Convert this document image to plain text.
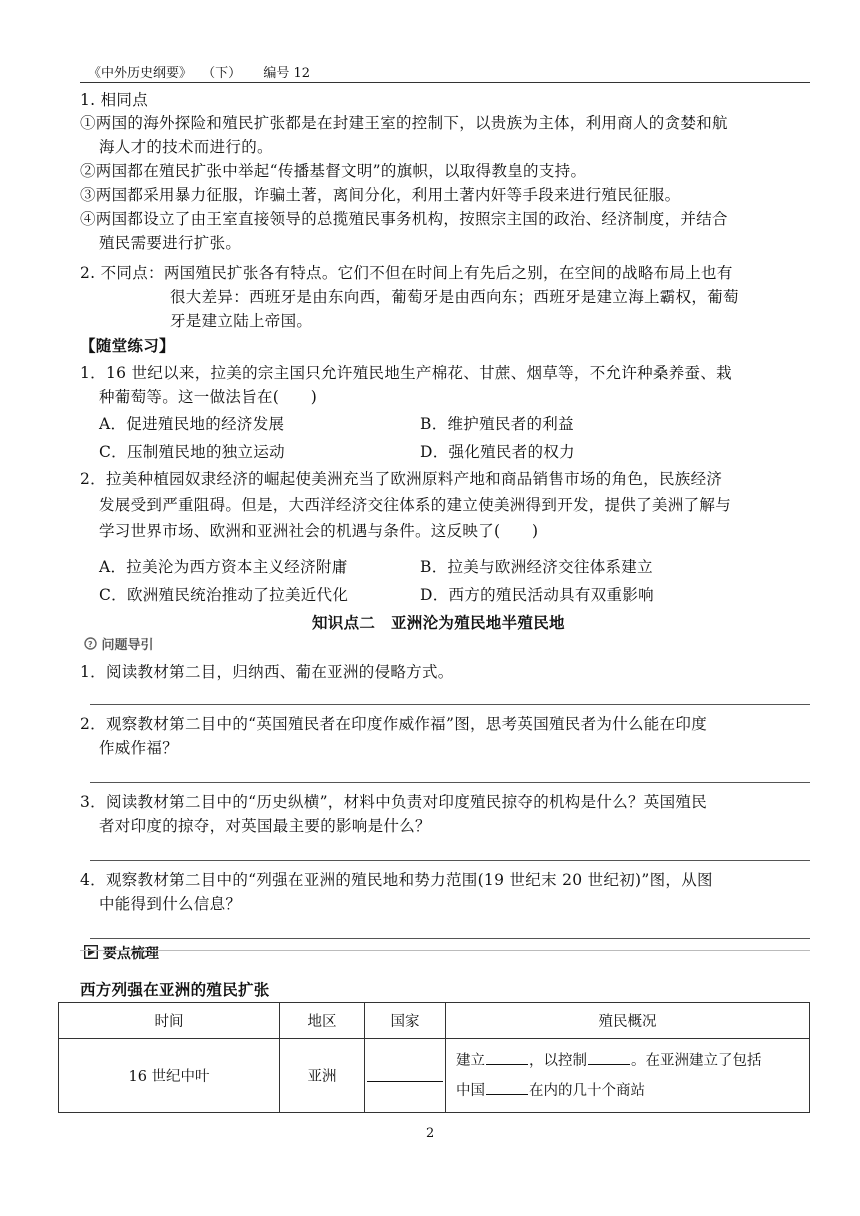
《中外历史纲要》 （下） 编号 12
1. 相同点
①两国的海外探险和殖民扩张都是在封建王室的控制下，以贵族为主体，利用商人的贪婪和航
海人才的技术而进行的。
②两国都在殖民扩张中举起“传播基督文明”的旗帜，以取得教皇的支持。
③两国都采用暴力征服，诈骗土著，离间分化，利用土著内奸等手段来进行殖民征服。
④两国都设立了由王室直接领导的总揽殖民事务机构，按照宗主国的政治、经济制度，并结合
殖民需要进行扩张。
2. 不同点：两国殖民扩张各有特点。它们不但在时间上有先后之别，在空间的战略布局上也有
很大差异：西班牙是由东向西，葡萄牙是由西向东；西班牙是建立海上霸权，葡萄
牙是建立陆上帝国。
【随堂练习】
1．16 世纪以来，拉美的宗主国只允许殖民地生产棉花、甘蔗、烟草等，不允许种桑养蚕、栽
种葡萄等。这一做法旨在(　　)
A．促进殖民地的经济发展	B．维护殖民者的利益
C．压制殖民地的独立运动	D．强化殖民者的权力
2．拉美种植园奴隶经济的崛起使美洲充当了欧洲原料产地和商品销售市场的角色，民族经济
发展受到严重阻碍。但是，大西洋经济交往体系的建立使美洲得到开发，提供了美洲了解与
学习世界市场、欧洲和亚洲社会的机遇与条件。这反映了(　　)
A．拉美沦为西方资本主义经济附庸	B．拉美与欧洲经济交往体系建立
C．欧洲殖民统治推动了拉美近代化	D．西方的殖民活动具有双重影响
知识点二　亚洲沦为殖民地半殖民地
? 问题导引
1．阅读教材第二目，归纳西、葡在亚洲的侵略方式。
2．观察教材第二目中的“英国殖民者在印度作威作福”图，思考英国殖民者为什么能在印度
作威作福？
3．阅读教材第二目中的“历史纵横”，材料中负责对印度殖民掠夺的机构是什么？英国殖民
者对印度的掠夺，对英国最主要的影响是什么？
4．观察教材第二目中的“列强在亚洲的殖民地和势力范围(19 世纪末 20 世纪初)”图，从图
中能得到什么信息？
要点梳理
西方列强在亚洲的殖民扩张
时间	地区	国家	殖民概况
16 世纪中叶	亚洲		建立 ，以控制 。在亚洲建立了包括
中国 在内的几十个商站
2
